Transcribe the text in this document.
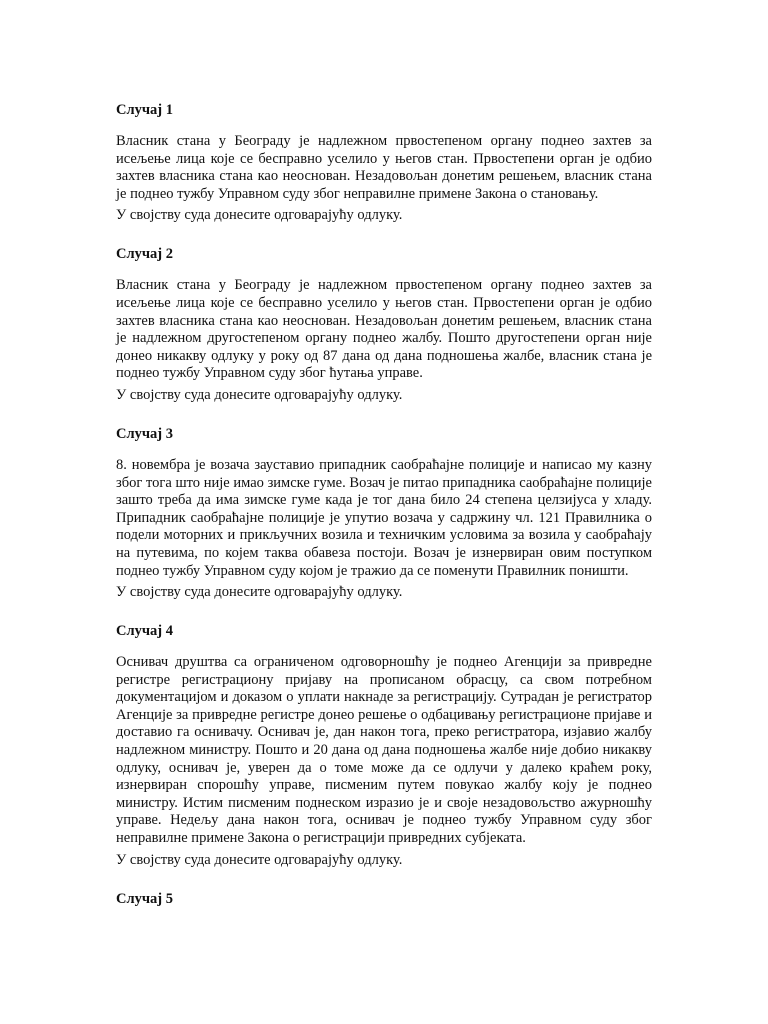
Случај 1

Власник стана у Београду је надлежном првостепеном органу поднео захтев за исељење лица које се бесправно уселило у његов стан. Првостепени орган је одбио захтев власника стана као неоснован. Незадовољан донетим решењем, власник стана је поднео тужбу Управном суду због неправилне примене Закона о становању.

У својству суда донесите одговарајућу одлуку.

Случај 2

Власник стана у Београду је надлежном првостепеном органу поднео захтев за исељење лица које се бесправно уселило у његов стан. Првостепени орган је одбио захтев власника стана као неоснован. Незадовољан донетим решењем, власник стана је надлежном другостепеном органу поднео жалбу. Пошто другостепени орган није донео никакву одлуку у року од 87 дана од дана подношења жалбе, власник стана је поднео тужбу Управном суду због ћутања управе.

У својству суда донесите одговарајућу одлуку.

Случај 3

8. новембра је возача зауставио припадник саобраћајне полиције и написао му казну због тога што није имао зимске гуме. Возач је питао припадника саобраћајне полиције зашто треба да има зимске гуме када је тог дана било 24 степена целзијуса у хладу. Припадник саобраћајне полиције је упутио возача у садржину чл. 121 Правилника о подели моторних и прикључних возила и техничким условима за возила у саобраћају на путевима, по којем таква обавеза постоји. Возач је изнервиран овим поступком поднео тужбу Управном суду којом је тражио да се поменути Правилник поништи.

У својству суда донесите одговарајућу одлуку.

Случај 4

Оснивач друштва са ограниченом одговорношћу је поднео Агенцији за привредне регистре регистрациону пријаву на прописаном обрасцу, са свом потребном документацијом и доказом о уплати накнаде за регистрацију. Сутрадан је регистратор Агенције за привредне регистре донео решење о одбацивању регистрационе пријаве и доставио га оснивачу. Оснивач је, дан након тога, преко регистратора, изјавио жалбу надлежном министру. Пошто и 20 дана од дана подношења жалбе није добио никакву одлуку, оснивач је, уверен да о томе може да се одлучи у далеко краћем року, изнервиран спорошћу управе, писменим путем повукао жалбу коју је поднео министру. Истим писменим поднеском изразио је и своје незадовољство ажурношћу управе. Недељу дана након тога, оснивач је поднео тужбу Управном суду због неправилне примене Закона о регистрацији привредних субјеката.

У својству суда донесите одговарајућу одлуку.

Случај 5
